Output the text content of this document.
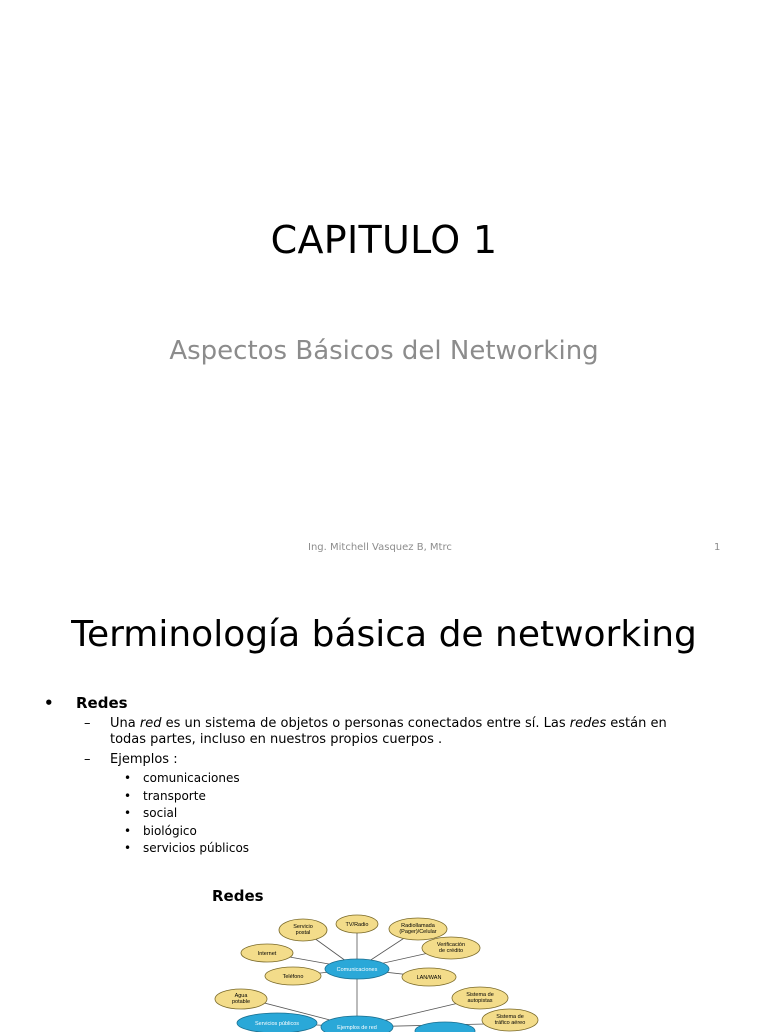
CAPITULO 1
Aspectos Básicos del Networking
Ing. Mitchell Vasquez B, Mtrc	1
Terminología básica de networking
•	Redes
–	Una red es un sistema de objetos o personas conectados entre sí. Las redes están en todas partes, incluso en nuestros propios cuerpos .
–	Ejemplos :
• comunicaciones
• transporte
• social
• biológico
• servicios públicos
Redes
TV/Radio	Radiollamada
(Pager)/Celular
Servicio
postal
Internet
Verificación
de crédito
Teléfono	LAN/WAN
Agua
potable
Sistema de
autopistas
Sistema de
tráfico aéreo
Comunicaciones
Servicios públicos
Ejemplos de red
